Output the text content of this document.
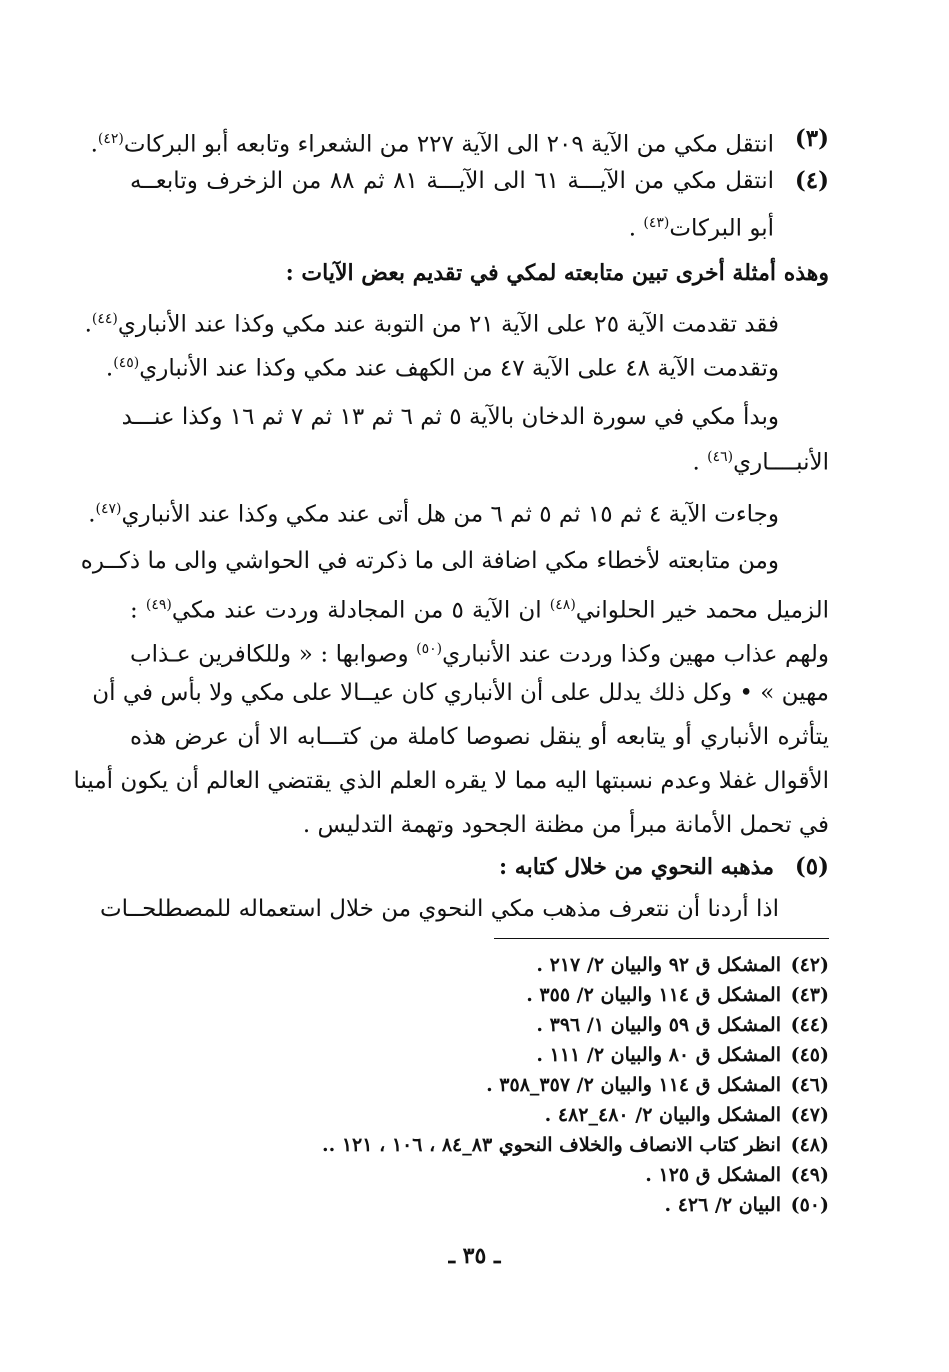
(٣)
انتقل مكي من الآية ٢٠٩ الى الآية ٢٢٧ من الشعراء وتابعه أبو البركات$^{(٤٢)}$.
(٤)
انتقل مكي من الآيـــة ٦١ الى الآيـــة ٨١ ثم ٨٨ من الزخرف وتابعــه
أبو البركات$^{(٤٣)}$ .
وهذه أمثلة أخرى تبين متابعته لمكي في تقديم بعض الآيات :
فقد تقدمت الآية ٢٥ على الآية ٢١ من التوبة عند مكي وكذا عند الأنباري$^{(٤٤)}$.
وتقدمت الآية ٤٨ على الآية ٤٧ من الكهف عند مكي وكذا عند الأنباري$^{(٤٥)}$.
وبدأ مكي في سورة الدخان بالآية ٥ ثم ٦ ثم ١٣ ثم ٧ ثم ١٦ وكذا عنـــد
الأنبــــاري$^{(٤٦)}$ .
وجاءت الآية ٤ ثم ١٥ ثم ٥ ثم ٦ من هل أتى عند مكي وكذا عند الأنباري$^{(٤٧)}$.
ومن متابعته لأخطاء مكي اضافة الى ما ذكرته في الحواشي والى ما ذكــره
الزميل محمد خير الحلواني$^{(٤٨)}$ ان الآية ٥ من المجادلة وردت عند مكي$^{(٤٩)}$ :
ولهم عذاب مهين وكذا وردت عند الأنباري$^{(٥٠)}$ وصوابها : « وللكافرين عـذاب
مهين » • وكل ذلك يدلل على أن الأنباري كان عيــالا على مكي ولا بأس في أن
يتأثره الأنباري أو يتابعه أو ينقل نصوصا كاملة من كتـــابه الا أن عرض هذه
الأقوال غفلا وعدم نسبتها اليه مما لا يقره العلم الذي يقتضي العالم أن يكون أمينا
في تحمل الأمانة مبرأ من مظنة الجحود وتهمة التدليس .
(٥)
مذهبه النحوي من خلال كتابه :
اذا أردنا أن نتعرف مذهب مكي النحوي من خلال استعماله للمصطلحــات
(٤٢)المشكل ق ٩٢ والبيان ٢/ ٢١٧ .
(٤٣)المشكل ق ١١٤ والبيان ٢/ ٣٥٥ .
(٤٤)المشكل ق ٥٩ والبيان ١/ ٣٩٦ .
(٤٥)المشكل ق ٨٠ والبيان ٢/ ١١١ .
(٤٦)المشكل ق ١١٤ والبيان ٢/ ٣٥٧_٣٥٨ .
(٤٧)المشكل والبيان ٢/ ٤٨٠_٤٨٢ .
(٤٨)انظر كتاب الانصاف والخلاف النحوي ٨٣_٨٤ ، ١٠٦ ، ١٢١ ..
(٤٩)المشكل ق ١٢٥ .
(٥٠)البيان ٢/ ٤٢٦ .
ـ ٣٥ ـ
